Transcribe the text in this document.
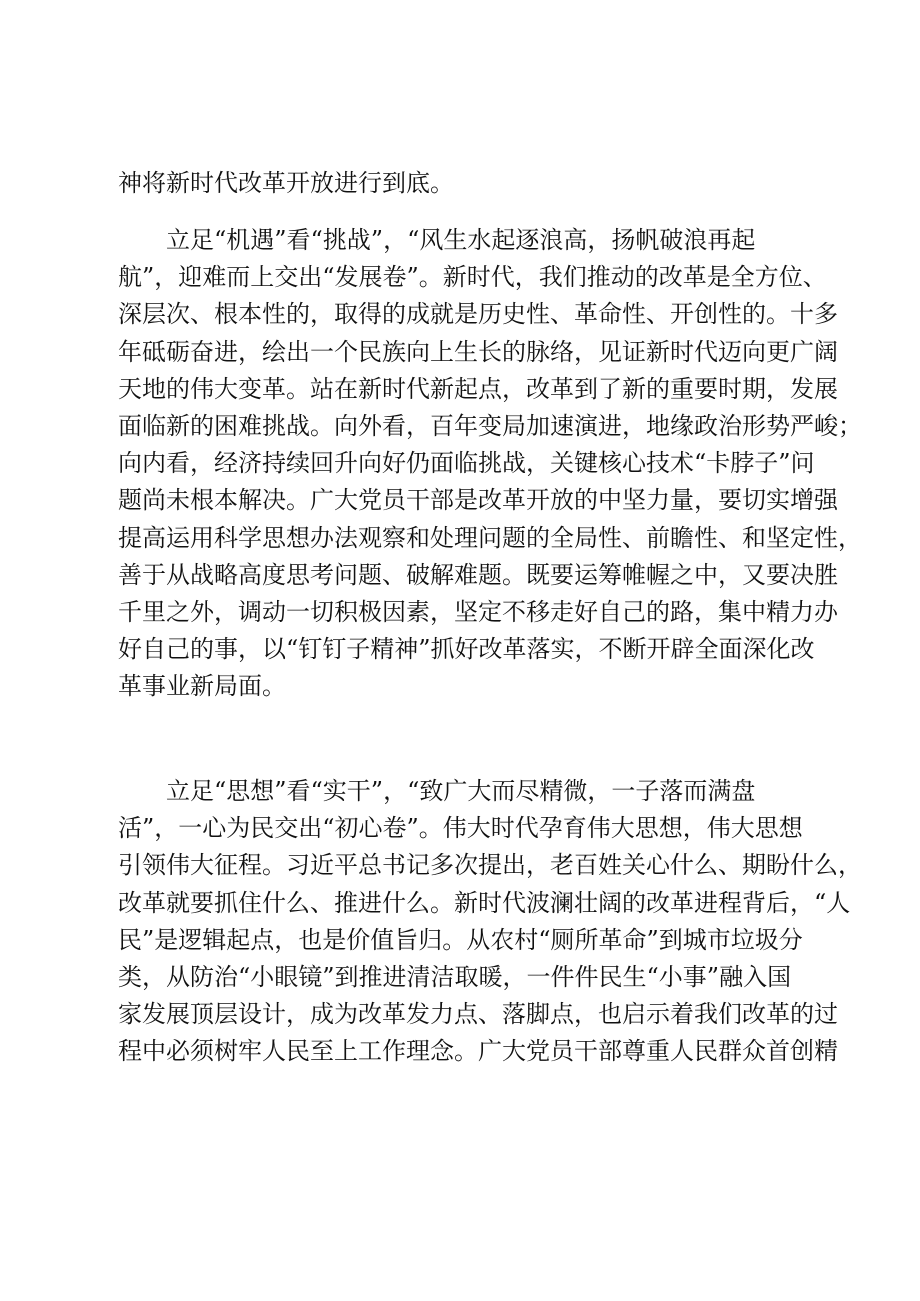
神将新时代改革开放进行到底。
立足“机遇”看“挑战”，“风生水起逐浪高，扬帆破浪再起
航”，迎难而上交出“发展卷”。新时代，我们推动的改革是全方位、
深层次、根本性的，取得的成就是历史性、革命性、开创性的。十多
年砥砺奋进，绘出一个民族向上生长的脉络，见证新时代迈向更广阔
天地的伟大变革。站在新时代新起点，改革到了新的重要时期，发展
面临新的困难挑战。向外看，百年变局加速演进，地缘政治形势严峻；
向内看，经济持续回升向好仍面临挑战，关键核心技术“卡脖子”问
题尚未根本解决。广大党员干部是改革开放的中坚力量，要切实增强
提高运用科学思想办法观察和处理问题的全局性、前瞻性、和坚定性，
善于从战略高度思考问题、破解难题。既要运筹帷幄之中，又要决胜
千里之外，调动一切积极因素，坚定不移走好自己的路，集中精力办
好自己的事，以“钉钉子精神”抓好改革落实，不断开辟全面深化改
革事业新局面。
立足“思想”看“实干”，“致广大而尽精微，一子落而满盘
活”，一心为民交出“初心卷”。伟大时代孕育伟大思想，伟大思想
引领伟大征程。习近平总书记多次提出，老百姓关心什么、期盼什么，
改革就要抓住什么、推进什么。新时代波澜壮阔的改革进程背后，“人
民”是逻辑起点，也是价值旨归。从农村“厕所革命”到城市垃圾分
类，从防治“小眼镜”到推进清洁取暖，一件件民生“小事”融入国
家发展顶层设计，成为改革发力点、落脚点，也启示着我们改革的过
程中必须树牢人民至上工作理念。广大党员干部尊重人民群众首创精
